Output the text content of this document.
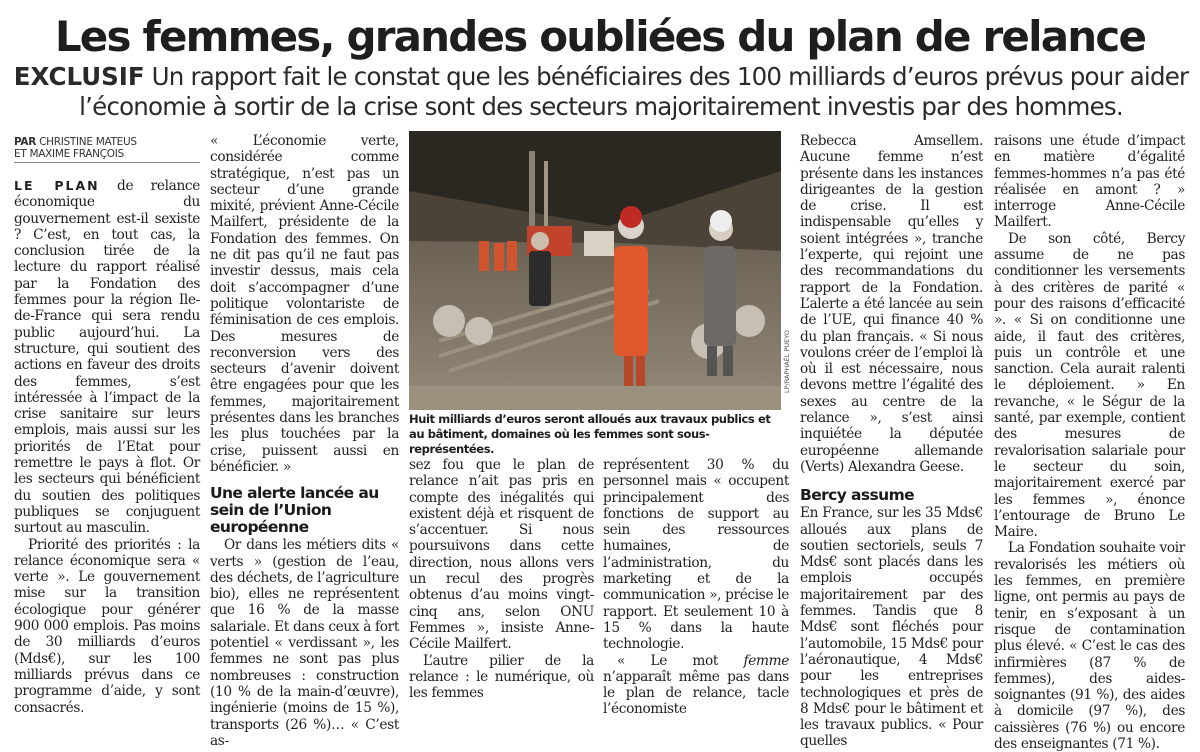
Les femmes, grandes oubliées du plan de relance
EXCLUSIF Un rapport fait le constat que les bénéficiaires des 100 milliards d’euros prévus pour aider l’économie à sortir de la crise sont des secteurs majoritairement investis par des hommes.
PAR CHRISTINE MATEUS
ET MAXIME FRANÇOIS

LE PLAN de relance économique du gouvernement est-il sexiste ? C’est, en tout cas, la conclusion tirée de la lecture du rapport réalisé par la Fondation des femmes pour la région Ile-de-France qui sera rendu public aujourd’hui. La structure, qui soutient des actions en faveur des droits des femmes, s’est intéressée à l’impact de la crise sanitaire sur leurs emplois, mais aussi sur les priorités de l’Etat pour remettre le pays à flot. Or les secteurs qui bénéficient du soutien des politiques publiques se conjuguent surtout au masculin.

Priorité des priorités : la relance économique sera « verte ». Le gouvernement mise sur la transition écologique pour générer 900 000 emplois. Pas moins de 30 milliards d’euros (Mds€), sur les 100 milliards prévus dans ce programme d’aide, y sont consacrés.

« L’économie verte, considérée comme stratégique, n’est pas un secteur d’une grande mixité, prévient Anne-Cécile Mailfert, présidente de la Fondation des femmes. On ne dit pas qu’il ne faut pas investir dessus, mais cela doit s’accompagner d’une politique volontariste de féminisation de ces emplois. Des mesures de reconversion vers des secteurs d’avenir doivent être engagées pour que les femmes, majoritairement présentes dans les branches les plus touchées par la crise, puissent aussi en bénéficier. »

Une alerte lancée au sein de l’Union européenne

Or dans les métiers dits « verts » (gestion de l’eau, des déchets, de l’agriculture bio), elles ne représentent que 16 % de la masse salariale. Et dans ceux à fort potentiel « verdissant », les femmes ne sont pas plus nombreuses : construction (10 % de la main-d’œuvre), ingénierie (moins de 15 %), transports (26 %)… « C’est as-

LP/RAPHAËL PUEYO
Huit milliards d’euros seront alloués aux travaux publics et au bâtiment, domaines où les femmes sont sous-représentées.

sez fou que le plan de relance n’ait pas pris en compte des inégalités qui existent déjà et risquent de s’accentuer. Si nous poursuivons dans cette direction, nous allons vers un recul des progrès obtenus d’au moins vingt-cinq ans, selon ONU Femmes », insiste Anne-Cécile Mailfert.

L’autre pilier de la relance : le numérique, où les femmes

représentent 30 % du personnel mais « occupent principalement des fonctions de support au sein des ressources humaines, de l’administration, du marketing et de la communication », précise le rapport. Et seulement 10 à 15 % dans la haute technologie.

« Le mot femme n’apparaît même pas dans le plan de relance, tacle l’économiste

Rebecca Amsellem. Aucune femme n’est présente dans les instances dirigeantes de la gestion de crise. Il est indispensable qu’elles y soient intégrées », tranche l’experte, qui rejoint une des recommandations du rapport de la Fondation. L’alerte a été lancée au sein de l’UE, qui finance 40 % du plan français. « Si nous voulons créer de l’emploi là où il est nécessaire, nous devons mettre l’égalité des sexes au centre de la relance », s’est ainsi inquiétée la députée européenne allemande (Verts) Alexandra Geese.

Bercy assume

En France, sur les 35 Mds€ alloués aux plans de soutien sectoriels, seuls 7 Mds€ sont placés dans les emplois occupés majoritairement par des femmes. Tandis que 8 Mds€ sont fléchés pour l’automobile, 15 Mds€ pour l’aéronautique, 4 Mds€ pour les entreprises technologiques et près de 8 Mds€ pour le bâtiment et les travaux publics. « Pour quelles

raisons une étude d’impact en matière d’égalité femmes-hommes n’a pas été réalisée en amont ? » interroge Anne-Cécile Mailfert.

De son côté, Bercy assume de ne pas conditionner les versements à des critères de parité « pour des raisons d’efficacité ». « Si on conditionne une aide, il faut des critères, puis un contrôle et une sanction. Cela aurait ralenti le déploiement. » En revanche, « le Ségur de la santé, par exemple, contient des mesures de revalorisation salariale pour le secteur du soin, majoritairement exercé par les femmes », énonce l’entourage de Bruno Le Maire.

La Fondation souhaite voir revalorisés les métiers où les femmes, en première ligne, ont permis au pays de tenir, en s’exposant à un risque de contamination plus élevé. « C’est le cas des infirmières (87 % de femmes), des aides-soignantes (91 %), des aides à domicile (97 %), des caissières (76 %) ou encore des enseignantes (71 %).
